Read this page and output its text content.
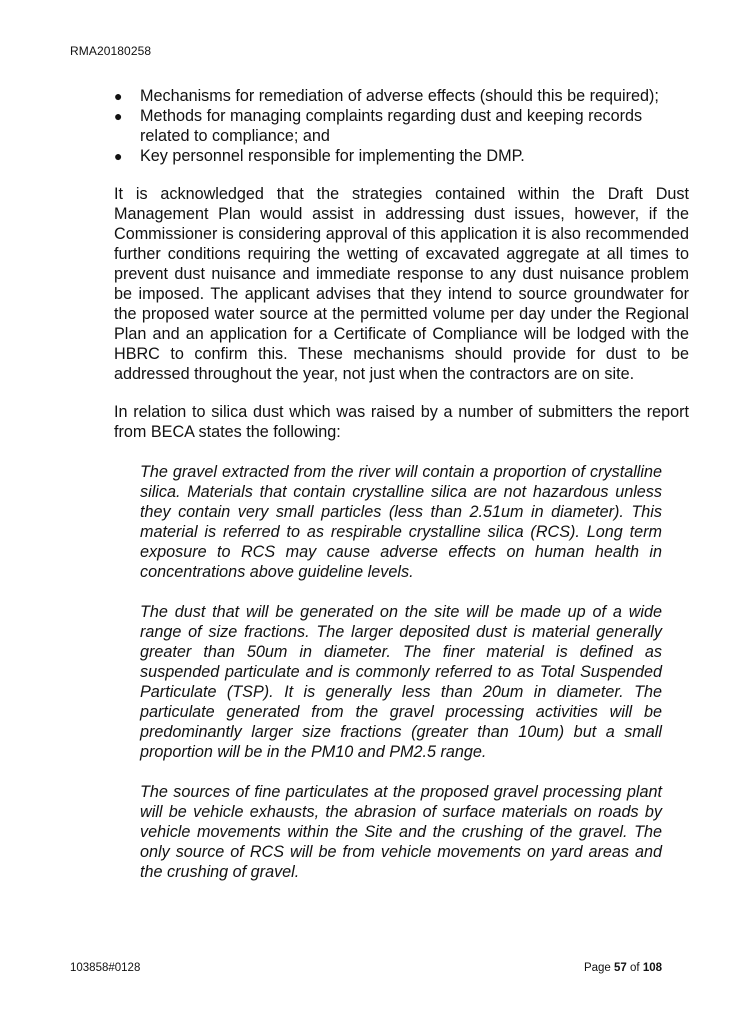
RMA20180258
● Mechanisms for remediation of adverse effects (should this be required);
● Methods for managing complaints regarding dust and keeping records related to compliance; and
● Key personnel responsible for implementing the DMP.

It is acknowledged that the strategies contained within the Draft Dust Management Plan would assist in addressing dust issues, however, if the Commissioner is considering approval of this application it is also recommended further conditions requiring the wetting of excavated aggregate at all times to prevent dust nuisance and immediate response to any dust nuisance problem be imposed. The applicant advises that they intend to source groundwater for the proposed water source at the permitted volume per day under the Regional Plan and an application for a Certificate of Compliance will be lodged with the HBRC to confirm this. These mechanisms should provide for dust to be addressed throughout the year, not just when the contractors are on site.

In relation to silica dust which was raised by a number of submitters the report from BECA states the following:

The gravel extracted from the river will contain a proportion of crystalline silica. Materials that contain crystalline silica are not hazardous unless they contain very small particles (less than 2.51um in diameter). This material is referred to as respirable crystalline silica (RCS). Long term exposure to RCS may cause adverse effects on human health in concentrations above guideline levels.

The dust that will be generated on the site will be made up of a wide range of size fractions. The larger deposited dust is material generally greater than 50um in diameter. The finer material is defined as suspended particulate and is commonly referred to as Total Suspended Particulate (TSP). It is generally less than 20um in diameter. The particulate generated from the gravel processing activities will be predominantly larger size fractions (greater than 10um) but a small proportion will be in the PM10 and PM2.5 range.

The sources of fine particulates at the proposed gravel processing plant will be vehicle exhausts, the abrasion of surface materials on roads by vehicle movements within the Site and the crushing of the gravel. The only source of RCS will be from vehicle movements on yard areas and the crushing of gravel.

103858#0128	Page 57 of 108
